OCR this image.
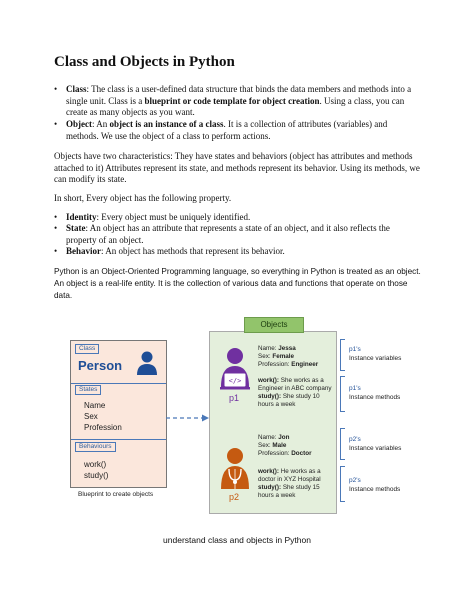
Class and Objects in Python
• Class: The class is a user-defined data structure that binds the data members and methods into a single unit. Class is a blueprint or code template for object creation. Using a class, you can create as many objects as you want.
• Object: An object is an instance of a class. It is a collection of attributes (variables) and methods. We use the object of a class to perform actions.
Objects have two characteristics: They have states and behaviors (object has attributes and methods attached to it) Attributes represent its state, and methods represent its behavior. Using its methods, we can modify its state.
In short, Every object has the following property.
• Identity: Every object must be uniquely identified.
• State: An object has an attribute that represents a state of an object, and it also reflects the property of an object.
• Behavior: An object has methods that represent its behavior.
Python is an Object-Oriented Programming language, so everything in Python is treated as an object. An object is a real-life entity. It is the collection of various data and functions that operate on those data.
Class
Person
States
Name
Sex
Profession
Behaviours
work()
study()
Blueprint to create objects
Objects
</>
p1
Name: Jessa
Sex: Female
Profession: Engineer
work(): She works as a Engineer in ABC company
study(): She study 10 hours a week
p2
Name: Jon
Sex: Male
Profession: Doctor
work(): He works as a doctor in XYZ Hospital
study(): She study 15 hours a week
p1's
Instance variables
p1's
Instance methods
p2's
Instance variables
p2's
Instance methods
understand class and objects in Python
